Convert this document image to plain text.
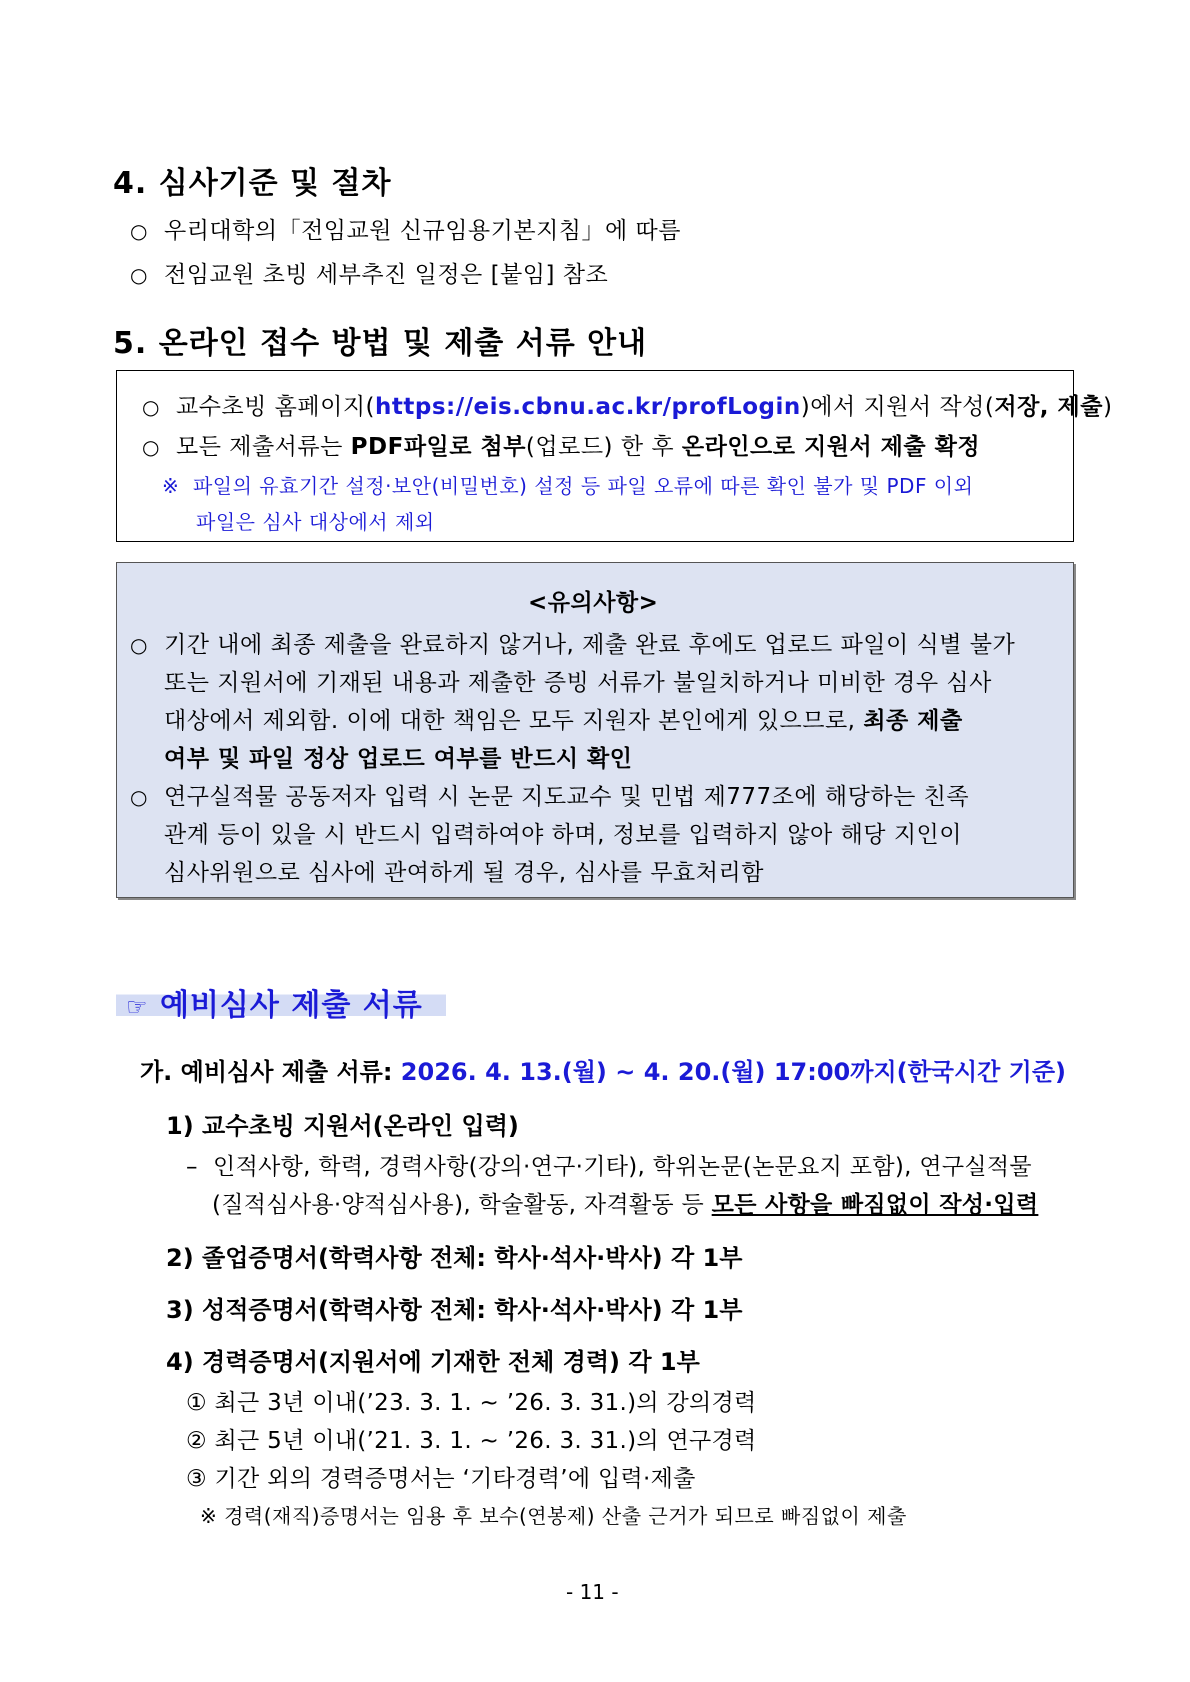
4. 심사기준 및 절차
○ 우리대학의「전임교원 신규임용기본지침」에 따름
○ 전임교원 초빙 세부추진 일정은 [붙임] 참조
5. 온라인 접수 방법 및 제출 서류 안내
○ 교수초빙 홈페이지(https://eis.cbnu.ac.kr/profLogin)에서 지원서 작성(저장, 제출)
○ 모든 제출서류는 PDF파일로 첨부(업로드) 한 후 온라인으로 지원서 제출 확정
※ 파일의 유효기간 설정·보안(비밀번호) 설정 등 파일 오류에 따른 확인 불가 및 PDF 이외
파일은 심사 대상에서 제외
<유의사항>
○ 기간 내에 최종 제출을 완료하지 않거나, 제출 완료 후에도 업로드 파일이 식별 불가
또는 지원서에 기재된 내용과 제출한 증빙 서류가 불일치하거나 미비한 경우 심사
대상에서 제외함. 이에 대한 책임은 모두 지원자 본인에게 있으므로, 최종 제출
여부 및 파일 정상 업로드 여부를 반드시 확인
○ 연구실적물 공동저자 입력 시 논문 지도교수 및 민법 제777조에 해당하는 친족
관계 등이 있을 시 반드시 입력하여야 하며, 정보를 입력하지 않아 해당 지인이
심사위원으로 심사에 관여하게 될 경우, 심사를 무효처리함
☞ 예비심사 제출 서류
가. 예비심사 제출 서류: 2026. 4. 13.(월) ~ 4. 20.(월) 17:00까지(한국시간 기준)
1) 교수초빙 지원서(온라인 입력)
– 인적사항, 학력, 경력사항(강의·연구·기타), 학위논문(논문요지 포함), 연구실적물
(질적심사용·양적심사용), 학술활동, 자격활동 등 모든 사항을 빠짐없이 작성·입력
2) 졸업증명서(학력사항 전체: 학사·석사·박사) 각 1부
3) 성적증명서(학력사항 전체: 학사·석사·박사) 각 1부
4) 경력증명서(지원서에 기재한 전체 경력) 각 1부
① 최근 3년 이내(’23. 3. 1. ~ ’26. 3. 31.)의 강의경력
② 최근 5년 이내(’21. 3. 1. ~ ’26. 3. 31.)의 연구경력
③ 기간 외의 경력증명서는 ‘기타경력’에 입력·제출
※ 경력(재직)증명서는 임용 후 보수(연봉제) 산출 근거가 되므로 빠짐없이 제출
- 11 -
